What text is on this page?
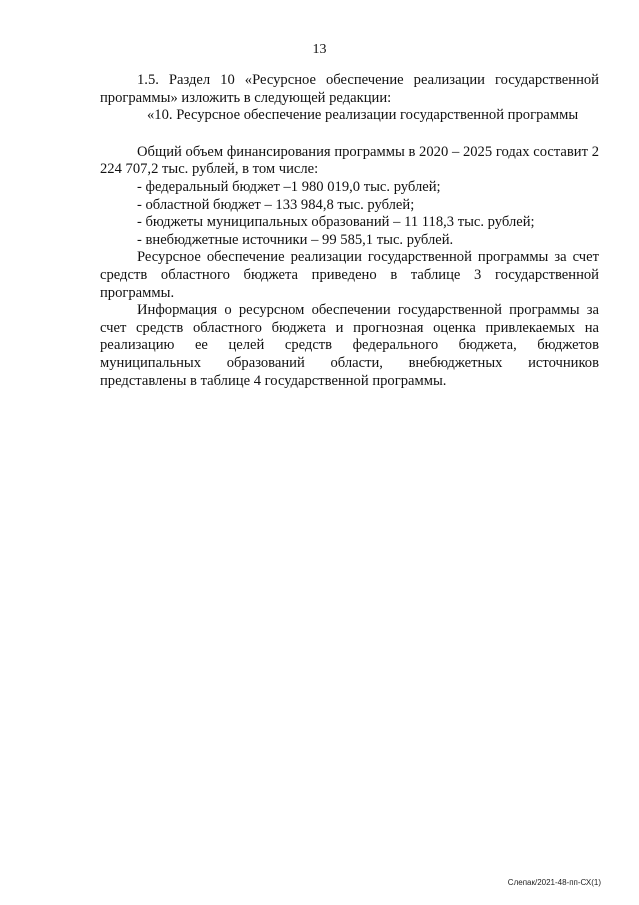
13

1.5. Раздел 10 «Ресурсное обеспечение реализации государственной программы» изложить в следующей редакции:

«10. Ресурсное обеспечение реализации государственной программы

Общий объем финансирования программы в 2020 – 2025 годах составит 2 224 707,2 тыс. рублей, в том числе:

- федеральный бюджет –1 980 019,0 тыс. рублей;
- областной бюджет – 133 984,8 тыс. рублей;
- бюджеты муниципальных образований – 11 118,3 тыс. рублей;
- внебюджетные источники – 99 585,1 тыс. рублей.

Ресурсное обеспечение реализации государственной программы за счет средств областного бюджета приведено в таблице 3 государственной программы.

Информация о ресурсном обеспечении государственной программы за счет средств областного бюджета и прогнозная оценка привлекаемых на реализацию ее целей средств федерального бюджета, бюджетов муниципальных образований области, внебюджетных источников представлены в таблице 4 государственной программы.

Слепак/2021-48-пп-СХ(1)
